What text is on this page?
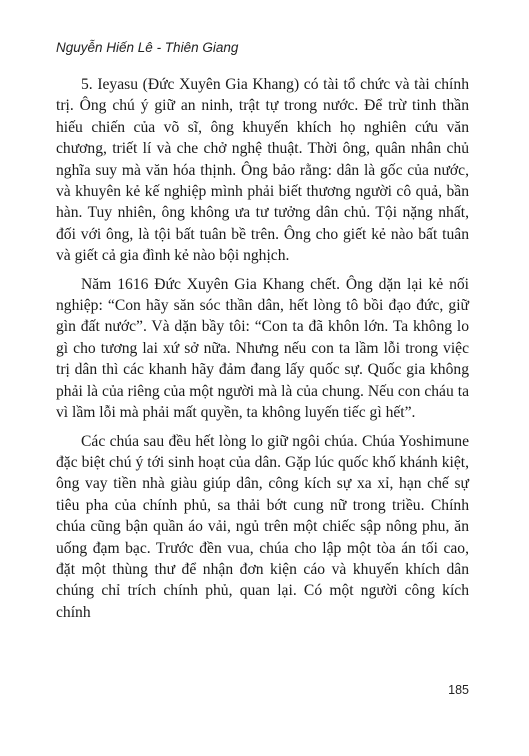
Nguyễn Hiến Lê - Thiên Giang

5. Ieyasu (Đức Xuyên Gia Khang) có tài tổ chức và tài chính trị. Ông chú ý giữ an ninh, trật tự trong nước. Để trừ tinh thần hiếu chiến của võ sĩ, ông khuyến khích họ nghiên cứu văn chương, triết lí và che chở nghệ thuật. Thời ông, quân nhân chủ nghĩa suy mà văn hóa thịnh. Ông bảo rằng: dân là gốc của nước, và khuyên kẻ kế nghiệp mình phải biết thương người cô quả, bần hàn. Tuy nhiên, ông không ưa tư tưởng dân chủ. Tội nặng nhất, đối với ông, là tội bất tuân bề trên. Ông cho giết kẻ nào bất tuân và giết cả gia đình kẻ nào bội nghịch.

Năm 1616 Đức Xuyên Gia Khang chết. Ông dặn lại kẻ nối nghiệp: “Con hãy săn sóc thần dân, hết lòng tô bồi đạo đức, giữ gìn đất nước”. Và dặn bầy tôi: “Con ta đã khôn lớn. Ta không lo gì cho tương lai xứ sở nữa. Nhưng nếu con ta lầm lỗi trong việc trị dân thì các khanh hãy đảm đang lấy quốc sự. Quốc gia không phải là của riêng của một người mà là của chung. Nếu con cháu ta vì lầm lỗi mà phải mất quyền, ta không luyến tiếc gì hết”.

Các chúa sau đều hết lòng lo giữ ngôi chúa. Chúa Yoshimune đặc biệt chú ý tới sinh hoạt của dân. Gặp lúc quốc khố khánh kiệt, ông vay tiền nhà giàu giúp dân, công kích sự xa xỉ, hạn chế sự tiêu pha của chính phủ, sa thải bớt cung nữ trong triều. Chính chúa cũng bận quần áo vải, ngủ trên một chiếc sập nông phu, ăn uống đạm bạc. Trước đền vua, chúa cho lập một tòa án tối cao, đặt một thùng thư để nhận đơn kiện cáo và khuyến khích dân chúng chỉ trích chính phủ, quan lại. Có một người công kích chính

185
